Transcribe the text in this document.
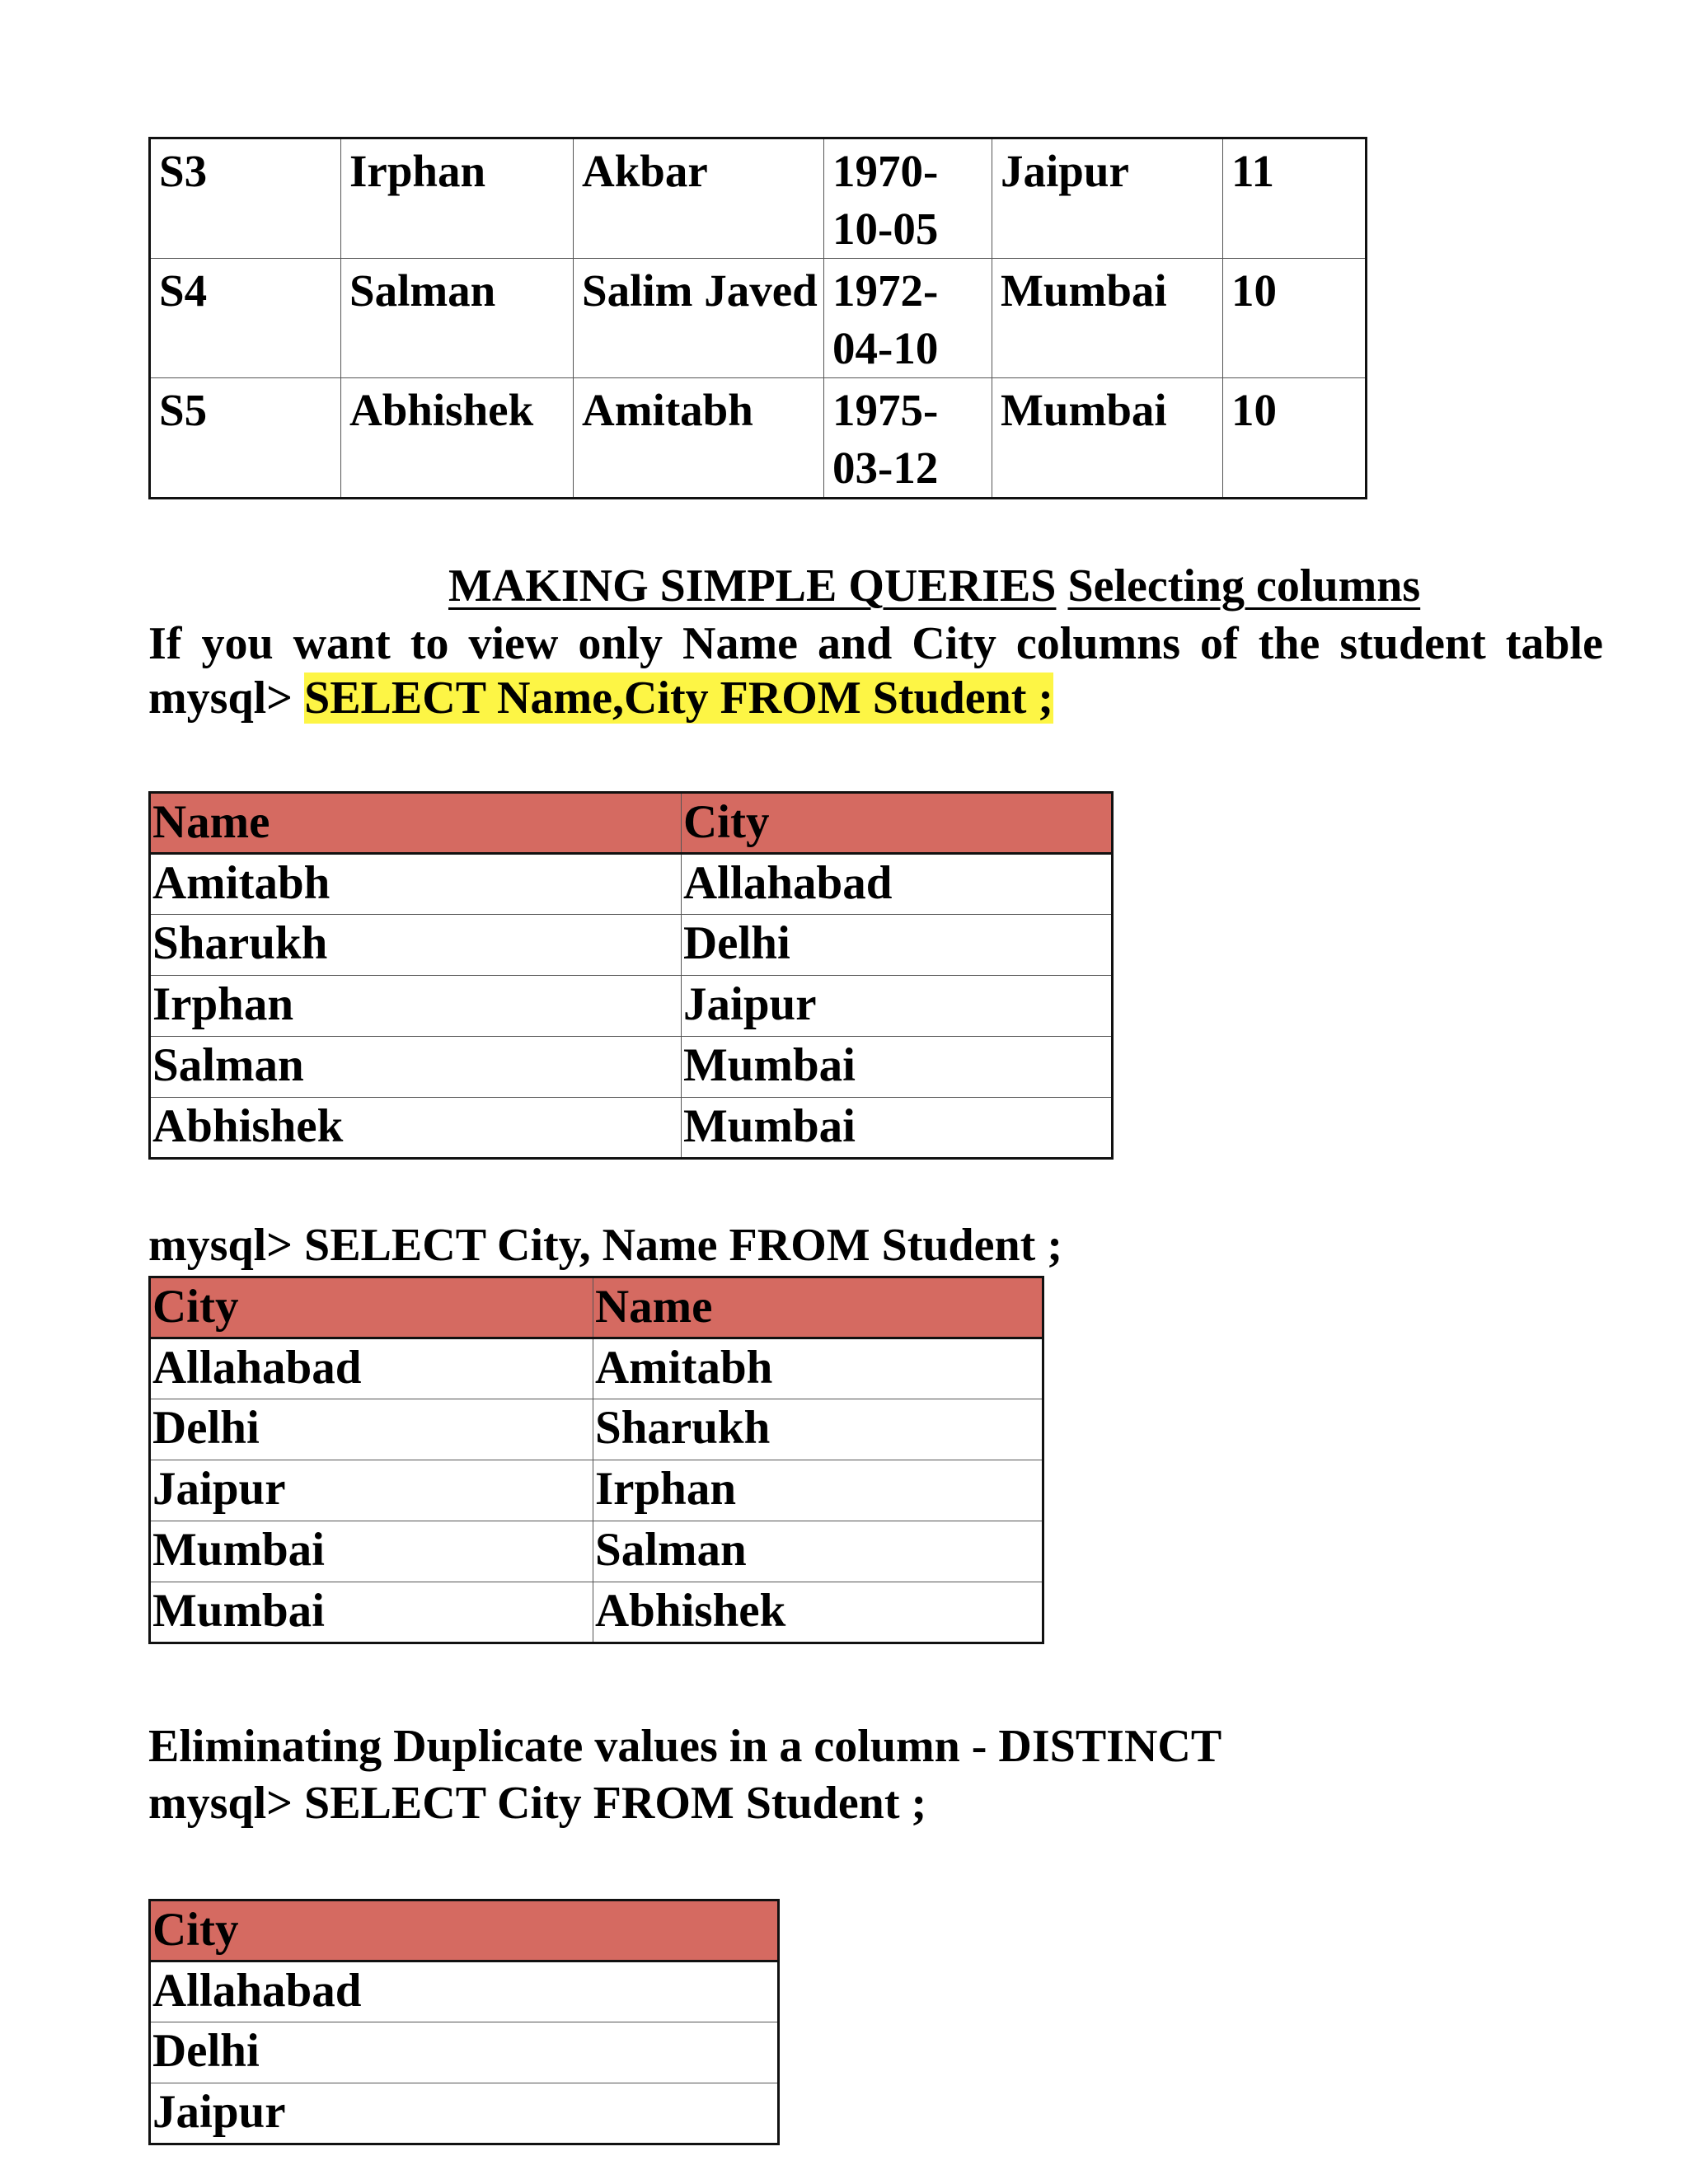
S3	Irphan	Akbar	1970-10-05	Jaipur	11
S4	Salman	Salim Javed	1972-04-10	Mumbai	10
S5	Abhishek	Amitabh	1975-03-12	Mumbai	10
MAKING SIMPLE QUERIES Selecting columns
If you want to view only Name and City columns of the student table
mysql> SELECT Name,City FROM Student ;
Name	City
Amitabh	Allahabad
Sharukh	Delhi
Irphan	Jaipur
Salman	Mumbai
Abhishek	Mumbai
mysql> SELECT City, Name FROM Student ;
City	Name
Allahabad	Amitabh
Delhi	Sharukh
Jaipur	Irphan
Mumbai	Salman
Mumbai	Abhishek
Eliminating Duplicate values in a column - DISTINCT
mysql> SELECT City FROM Student ;
City
Allahabad
Delhi
Jaipur
